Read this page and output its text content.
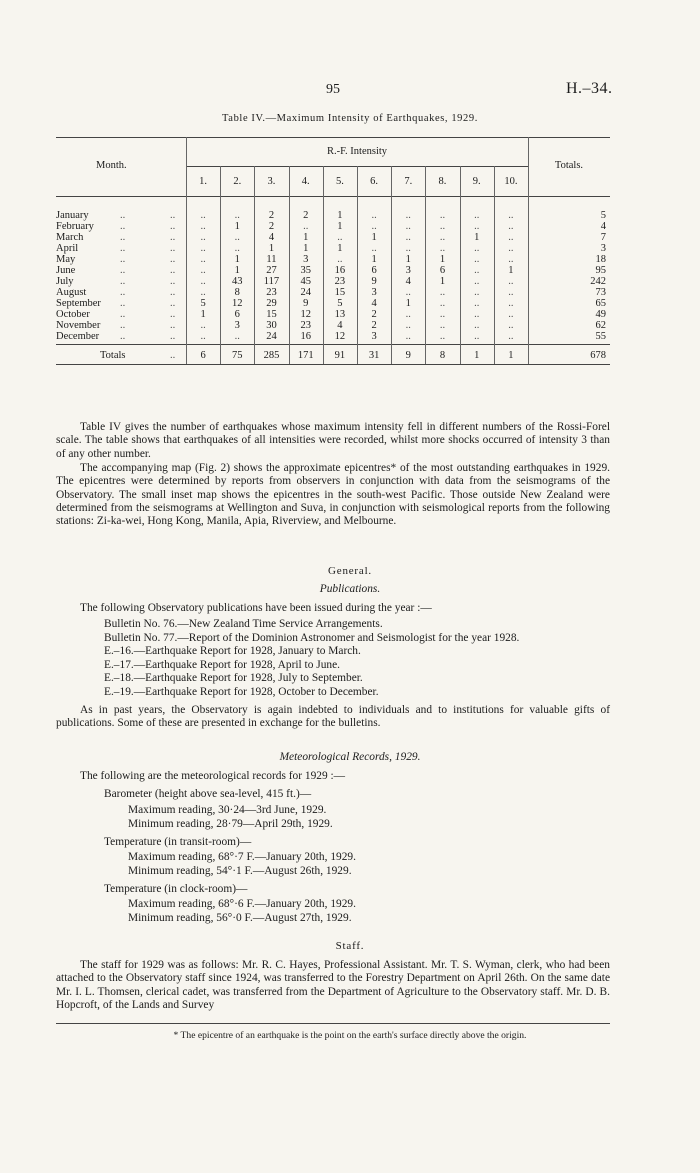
95	H.–34.
Table IV.—Maximum Intensity of Earthquakes, 1929.
Month.
R.-F. Intensity
Totals.
1.	2.	3.	4.	5.	6.	7.	8.	9.	10.
January	..	..	..	..	2	2	1	..	..	..	..	..	5
February ..	..	..	1	2	..	1	..	..	..	..	..	4
March	..	..	..	..	4	1	..	1	..	..	1	..	7
April	..	..	..	..	1	1	1	..	..	..	..	..	3
May	..	..	..	1	11	3	..	1	1	1	..	..	18
June	..	..	..	1	27	35	16	6	3	6	..	1	95
July	..	..	..	43	117	45	23	9	4	1	..	..	242
August	..	..	..	8	23	24	15	3	..	..	..	..	73
September ..	..	5	12	29	9	5	4	1	..	..	..	65
October	..	..	1	6	15	12	13	2	..	..	..	..	49
November ..	..	..	3	30	23	4	2	..	..	..	..	62
December ..	..	..	..	24	16	12	3	..	..	..	..	55
Totals	..	6	75	285	171	91	31	9	8	1	1	678
Table IV gives the number of earthquakes whose maximum intensity fell in different numbers of the Rossi-Forel scale. The table shows that earthquakes of all intensities were recorded, whilst more shocks occurred of intensity 3 than of any other number.
The accompanying map (Fig. 2) shows the approximate epicentres* of the most outstanding earthquakes in 1929. The epicentres were determined by reports from observers in conjunction with data from the seismograms of the Observatory. The small inset map shows the epicentres in the south-west Pacific. Those outside New Zealand were determined from the seismograms at Wellington and Suva, in conjunction with seismological reports from the following stations: Zi-ka-wei, Hong Kong, Manila, Apia, Riverview, and Melbourne.
General.
Publications.
The following Observatory publications have been issued during the year :—
Bulletin No. 76.—New Zealand Time Service Arrangements.
Bulletin No. 77.—Report of the Dominion Astronomer and Seismologist for the year 1928.
E.–16.—Earthquake Report for 1928, January to March.
E.–17.—Earthquake Report for 1928, April to June.
E.–18.—Earthquake Report for 1928, July to September.
E.–19.—Earthquake Report for 1928, October to December.
As in past years, the Observatory is again indebted to individuals and to institutions for valuable gifts of publications. Some of these are presented in exchange for the bulletins.
Meteorological Records, 1929.
The following are the meteorological records for 1929 :—
Barometer (height above sea-level, 415 ft.)—
Maximum reading, 30·24—3rd June, 1929.
Minimum reading, 28·79—April 29th, 1929.
Temperature (in transit-room)—
Maximum reading, 68°·7 F.—January 20th, 1929.
Minimum reading, 54°·1 F.—August 26th, 1929.
Temperature (in clock-room)—
Maximum reading, 68°·6 F.—January 20th, 1929.
Minimum reading, 56°·0 F.—August 27th, 1929.
Staff.
The staff for 1929 was as follows: Mr. R. C. Hayes, Professional Assistant. Mr. T. S. Wyman, clerk, who had been attached to the Observatory staff since 1924, was transferred to the Forestry Department on April 26th. On the same date Mr. I. L. Thomsen, clerical cadet, was transferred from the Department of Agriculture to the Observatory staff. Mr. D. B. Hopcroft, of the Lands and Survey
* The epicentre of an earthquake is the point on the earth's surface directly above the origin.
